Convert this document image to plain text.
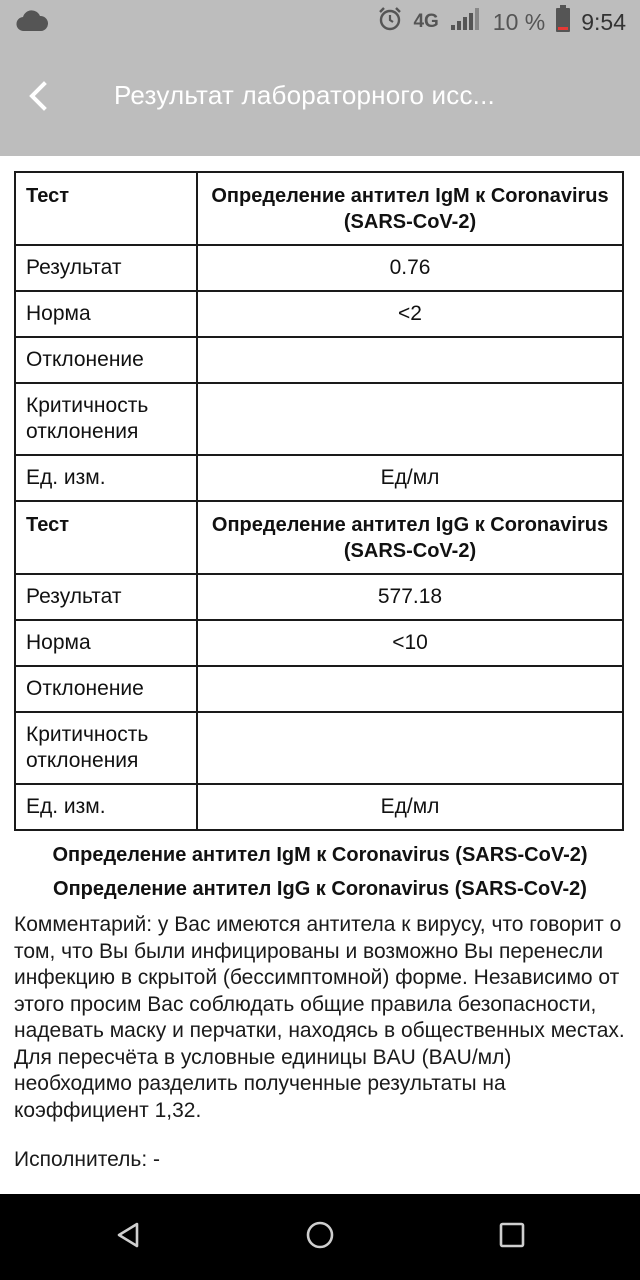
4G 10 % 9:54
Результат лабораторного исс...
Тест	Определение антител IgM к Coronavirus (SARS-CoV-2)
Результат	0.76
Норма	<2
Отклонение	
Критичность отклонения	
Ед. изм.	Ед/мл
Тест	Определение антител IgG к Coronavirus (SARS-CoV-2)
Результат	577.18
Норма	<10
Отклонение	
Критичность отклонения	
Ед. изм.	Ед/мл
Определение антител IgM к Coronavirus (SARS-CoV-2)
Определение антител IgG к Coronavirus (SARS-CoV-2)
Комментарий: у Вас имеются антитела к вирусу, что говорит о том, что Вы были инфицированы и возможно Вы перенесли инфекцию в скрытой (бессимптомной) форме. Независимо от этого просим Вас соблюдать общие правила безопасности, надевать маску и перчатки, находясь в общественных местах. Для пересчёта в условные единицы BAU (BAU/мл) необходимо разделить полученные результаты на коэффициент 1,32.
Исполнитель: -
